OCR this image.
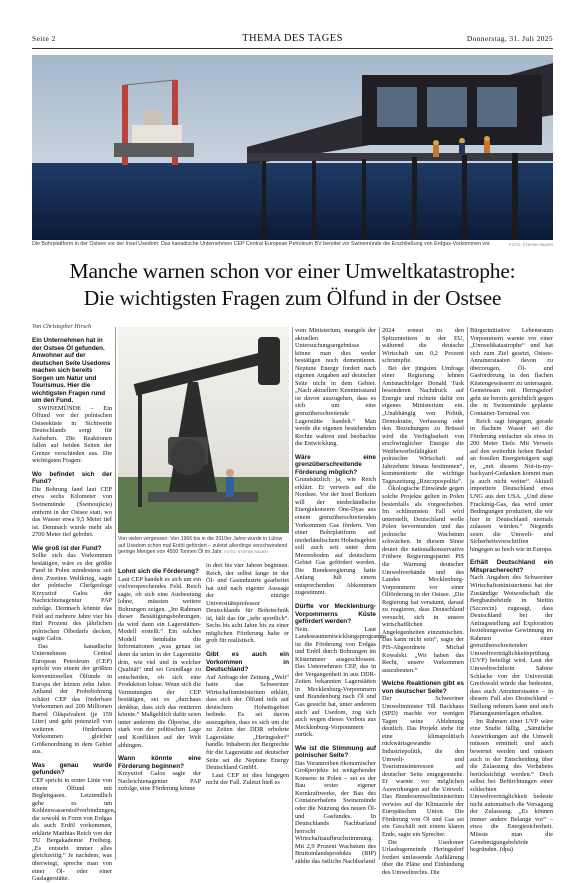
Seite 2	THEMA DES TAGES	Donnerstag, 31. Juli 2025
Die Bohrplattform in der Ostsee vor der Insel Usedom: Das kanadische Unternehmen CEP Central European Petroleum BV bereitet vor Swinemünde die Erschließung von Erdgas-Vorkommen vor.	FOTO: STEFAN SAUER
Manche warnen schon vor einer Umweltkatastrophe:
Die wichtigsten Fragen zum Ölfund in der Ostsee
Von Christopher Hirsch

Ein Unternehmen hat in der Ostsee Öl gefunden. Anwohner auf der deutschen Seite Usedoms machen sich bereits Sorgen um Natur und Tourismus. Hier die wichtigsten Fragen rund um den Fund.

SWINEMÜNDE – Ein Ölfund vor der polnischen Ostseeküste in Sichtweite Deutschlands sorgt für Aufsehen. Die Reaktionen fallen auf beiden Seiten der Grenze verschieden aus. Die wichtigsten Fragen:

Wo befindet sich der Fund?

Die Bohrung fand laut CEP etwa sechs Kilometer von Swinemünde (Świnoujście) entfernt in der Ostsee statt, wo das Wasser etwa 9,5 Meter tief ist. Demnach wurde mehr als 2700 Meter tief gebohrt.

Wie groß ist der Fund?

Sollte sich das Vorkommen bestätigen, wäre es der größte Fund in Polen mindestens seit dem Zweiten Weltkrieg, sagte der polnische Chefgeologe Krzysztof Galos der Nachrichtenagentur PAP zufolge. Demnach könnte das Feld auf mehrere Jahre vier bis fünf Prozent des jährlichen polnischen Ölbedarfs decken, sagte Galos.

Das kanadische Unternehmen Central European Petroleum (CEP) spricht von einem der größten konventionellen Ölfunde in Europa der letzten zehn Jahre. Anhand der Probebohrung schätzt CEP das förderbare Vorkommen auf 200 Millionen Barrel Öläquivalent (je 159 Liter) und geht potenziell von weiteren förderbaren Vorkommen gleicher Größenordnung in dem Gebiet aus.

Was genau wurde gefunden?

CEP spricht in erster Linie von einem Ölfund mit Begleitgasen. Letztendlich gehe es um Kohlenwasserstoffverbindungen, die sowohl in Form von Erdgas als auch Erdöl vorkommen, erklärte Matthias Reich von der TU Bergakademie Freiberg. „Es entsteht immer alles gleichzeitig.“ Je nachdem, was überwiegt, spreche man von einer Öl- oder einer Gaslagerstätte.

Von vielen vergessen: Von 1966 bis in die 2010er Jahre wurde in Lütow auf Usedom schon mal Erdöl gefördert – zuletzt allerdings verschwindend geringe Mengen von 4500 Tonnen Öl im Jahr. FOTO: STEFAN SAUER
Lohnt sich die Förderung?

Laut CEP handelt es sich um ein vielversprechendes Feld. Reich sagte, ob sich eine Ausbeutung lohne, müssten weitere Bohrungen zeigen. „Im Rahmen dieser Bestätigungsbohrungen, da wird dann ein Lagerstätten-Modell erstellt.“ Ein solches Modell beinhalte die Informationen „was genau ist denn da unten in der Lagerstätte drin, wie viel und in welcher Qualität“ und sei Grundlage zu entscheiden, ob sich eine Produktion lohne. Wenn sich die Vermutungen der CEP bestätigen, sei es „durchaus denkbar, dass sich das rentieren könnte.“ Maßgeblich dafür seien unter anderem die Ölpreise, die stark von der politischen Lage und Konflikten auf der Welt abhingen.

Wann könnte eine Förderung beginnen?

Krzysztof Galos sagte der Nachrichtenagentur PAP zufolge, eine Förderung könne

in drei bis vier Jahren beginnen. Reich, der selbst lange in der Öl- und Gasindustrie gearbeitet hat und nach eigener Aussage der einzige Universitätsprofessor Deutschlands für Bohrtechnik ist, hält das für „sehr sportlich“. Sechs bis acht Jahre bis zu einer möglichen Förderung halte er grob für realistisch.

Gibt es auch ein Vorkommen in Deutschland?

Auf Anfrage der Zeitung „Welt“ hatte das Schweriner Wirtschaftsministerium erklärt, dass sich der Ölfund teils auf deutschem Hoheitsgebiet befinde. Es sei davon auszugehen, dass es sich um die zu Zeiten der DDR erbohrte Lagerstätte „Heringsdorf“ handle. Inhaberin der Bergrechte für die Lagerstätte auf deutscher Seite sei die Neptune Energy Deutschland GmbH.

Laut CEP ist dies hingegen nicht der Fall. Zuletzt hieß es

vom Ministerium, mangels der aktuellen Untersuchungsergebnisse könne man dies weder bestätigen noch dementieren. Neptune Energy fordert nach eigenen Angaben auf deutscher Seite nicht in dem Gebiet. „Nach aktuellem Kenntnisstand ist davon auszugehen, dass es sich um eine grenzüberschreitende Lagerstätte handelt.“ Man werde die eigenen bestehenden Rechte wahren und beobachte die Entwicklung.

Wäre eine grenzüberschreitende Förderung möglich?

Grundsätzlich ja, wie Reich erklärt. Er verweis auf die Nordsee. Vor der Insel Borkum will der niederländische Energiekonzern One-Dyas aus einem grenzüberschreitenden Vorkommen Gas fördern. Von einer Bohrplattform auf niederländischem Hoheitsgebiet soll auch seit unter dem Meeresboden auf deutschem Gebiet Gas gefördert werden. Die Bundesregierung hatte Anfang Juli einem entsprechenden Abkommen zugestimmt.

Dürfte vor Mecklenburg-Vorpommerns Küste gefördert werden?

Nein. Laut Landesraumentwicklungsprogramm ist die Förderung von Erdgas und Erdöl durch Bohrungen im Küstenmeer ausgeschlossen. Das Unternehmen CEP, das in der Vergangenheit in aus DDR-Zeiten bekannten Lagerstätten in Mecklenburg-Vorpommern und Brandenburg nach Öl und Gas gesucht hat, unter anderem auch auf Usedom, zog sich auch wegen dieses Verbots aus Mecklenburg-Vorpommern zurück.

Wie ist die Stimmung auf polnischer Seite?

Das Vorantreiben ökonomischer Großprojekte ist weitgehender Konsens in Polen – sei es der Bau erster eigener Kernkraftwerke, der Bau des Containerhafens Swinemünde oder die Nutzung des neuen Öl- und Gasfundes. In Deutschlands Nachbarland herrscht Wirtschaftsaufbruchstimmung. Mit 2,9 Prozent Wachstum des Bruttoinlandsprodukts (BIP) zählte das östliche Nachbarland

2024 erneut zu den Spitzenreitern in der EU, während die deutsche Wirtschaft um 0,2 Prozent schrumpfte.

Bei der jüngsten Umfrage einer Regierung lehnen Amtsnachfolger Donald Tusk besonderen Nachdruck auf Energie und richtete dafür ein eigenes Ministerium ein. „Unabhängig von Politik, Demokratie, Verfassung oder den Beziehungen zu Brüssel wird die Verfügbarkeit von erschwinglicher Energie die Wettbewerbsfähigkeit polnischer Wirtschaft auf Jahrzehnte hinaus bestimmen“, kommentierte die wichtige Tageszeitung „Rzeczpospolita“.

Ökologische Einwände gegen solche Projekte gelten in Polen bestenfalls als vorgeschoben. Im schlimmsten Fall wird unterstellt, Deutschland wolle Polen bevormunden und das polnische Wachstum schwächen. In diesem Sinne deutet die nationalkonservative Frühere Regierungspartei PiS die Warnung deutscher Umweltverbände und des Landes Mecklenburg-Vorpommern vor einer Ölförderung in der Ostsee. „Die Regierung hat versäumt, darauf zu reagieren, dass Deutschland versucht, sich in unsere wirtschaftlichen Angelegenheiten einzumischen. Das kann nicht sein“, sagte der PiS-Abgeordnete Michał Kowalski. „Wir haben das Recht, unsere Vorkommen auszubeuten.“

Welche Reaktionen gibt es von deutscher Seite?

Der Schweriner Umweltminister Till Backhaus (SPD) machte vor wenigen Tagen seine Ablehnung deutlich. Das Projekt stehe für eine klimapolitisch rückwärtsgewandte Industriepolitik, die den Umwelt- und Tourismusinteressen auf deutscher Seite entgegenstehe. Er warnte vor möglichen Auswirkungen auf die Umwelt. Das Bundesumweltministerium verwies auf die Klimaziele der Europäischen Union. Die Förderung von Öl und Gas sei ein Geschäft mit einem klaren Ende, sagte ein Sprecher.

Die Usedomer Urlaubsgemeinde Heringsdorf fordert umfassende Aufklärung über die Pläne und Einbindung des Umweltrechts. Die

Bürgerinitiative Lebensraum Vorpommern warnte vor einer „Umweltkatastrophe“ und hat sich zum Ziel gesetzt, Ostsee-Anrainerstaaten davon zu überzeugen, Öl- und Gasförderung in den flachen Küstengewässern zu untersagen. Gemeinsam mit Heringsdorf geht sie bereits gerichtlich gegen die in Swinemünde geplante Container-Terminal vor.

Reich sagt hingegen, gerade in flachem Wasser sei die Förderung einfacher als etwa in 200 Meter Tiefe. Mit Verweis auf den weiterhin hohen Bedarf an fossilen Energieträgern sagt er, „mit diesem Not-in-my-backyard-Gedanken kommt man ja auch nicht weiter“. Aktuell importiere Deutschland etwa LNG aus den USA. „Und diese Frackinig-Gas, das wird unter Bedingungen produziert, die wir hier in Deutschland niemals zulassen würden.“ Nirgends seien die Umwelt- und Sicherheitsvorschriften hingegen so hoch wie in Europa.

Erhält Deutschland ein Mitspracherecht?

Nach Angaben des Schweriner Wirtschaftsministeriums hat der Zuständige Woiwodschaft die Bergbaubehörde in Stettin (Szczecin) zugesagt, dass Deutschland bei der Antragsstellung auf Exploration beziehungsweise Gewinnung im Rahmen einer grenzüberschreitenden Umweltverträglichkeitsprüfung (UVP) beteiligt wird. Laut der Umweltrechtlerin Sabine Schlacke von der Universität Greifswald würde das bedeuten, dass auch Anrainerstaaten – in diesem Fall also Deutschland – Stellung nehmen kann und auch Planungsunterlagen erhalten.

Im Rahmen einer UVP wäre eine Studie fällig. „Sämtliche Auswirkungen auf die Umwelt müssen ermittelt und auch bewertet werden und müssen auch in der Entscheidung über die Zulassung des Vorhabens berücksichtigt werden.“ Doch selbst bei Befürchtungen einer schlechten Umweltverträglichkeit bedeute nicht automatisch die Versagung der Zulassung. „Es können immer andere Belange vor“ – etwa die Energiesicherheit. Müsste man die Genehmigungsbehörde begründen. (dpa)
